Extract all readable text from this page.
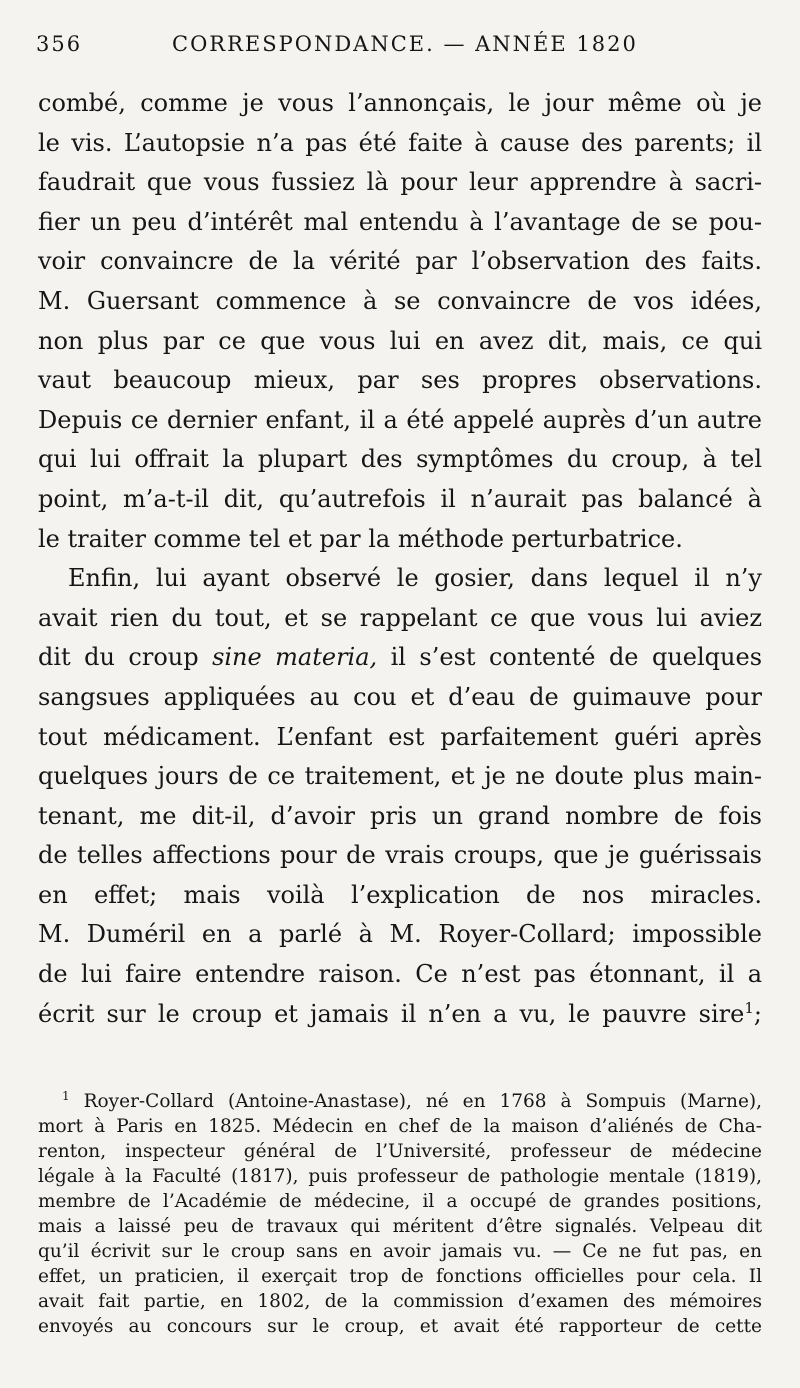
356	CORRESPONDANCE. — ANNÉE 1820
combé, comme je vous l’annonçais, le jour même où je
le vis. L’autopsie n’a pas été faite à cause des parents; il
faudrait que vous fussiez là pour leur apprendre à sacri-
fier un peu d’intérêt mal entendu à l’avantage de se pou-
voir convaincre de la vérité par l’observation des faits.
M. Guersant commence à se convaincre de vos idées,
non plus par ce que vous lui en avez dit, mais, ce qui
vaut beaucoup mieux, par ses propres observations.
Depuis ce dernier enfant, il a été appelé auprès d’un autre
qui lui offrait la plupart des symptômes du croup, à tel
point, m’a-t-il dit, qu’autrefois il n’aurait pas balancé à
le traiter comme tel et par la méthode perturbatrice.
Enfin, lui ayant observé le gosier, dans lequel il n’y
avait rien du tout, et se rappelant ce que vous lui aviez
dit du croup sine materia, il s’est contenté de quelques
sangsues appliquées au cou et d’eau de guimauve pour
tout médicament. L’enfant est parfaitement guéri après
quelques jours de ce traitement, et je ne doute plus main-
tenant, me dit-il, d’avoir pris un grand nombre de fois
de telles affections pour de vrais croups, que je guérissais
en effet; mais voilà l’explication de nos miracles.
M. Duméril en a parlé à M. Royer-Collard; impossible
de lui faire entendre raison. Ce n’est pas étonnant, il a
écrit sur le croup et jamais il n’en a vu, le pauvre sire$^1$;
$^1$ Royer-Collard (Antoine-Anastase), né en 1768 à Sompuis (Marne),
mort à Paris en 1825. Médecin en chef de la maison d’aliénés de Cha-
renton, inspecteur général de l’Université, professeur de médecine
légale à la Faculté (1817), puis professeur de pathologie mentale (1819),
membre de l’Académie de médecine, il a occupé de grandes positions,
mais a laissé peu de travaux qui méritent d’être signalés. Velpeau dit
qu’il écrivit sur le croup sans en avoir jamais vu. — Ce ne fut pas, en
effet, un praticien, il exerçait trop de fonctions officielles pour cela. Il
avait fait partie, en 1802, de la commission d’examen des mémoires
envoyés au concours sur le croup, et avait été rapporteur de cette
